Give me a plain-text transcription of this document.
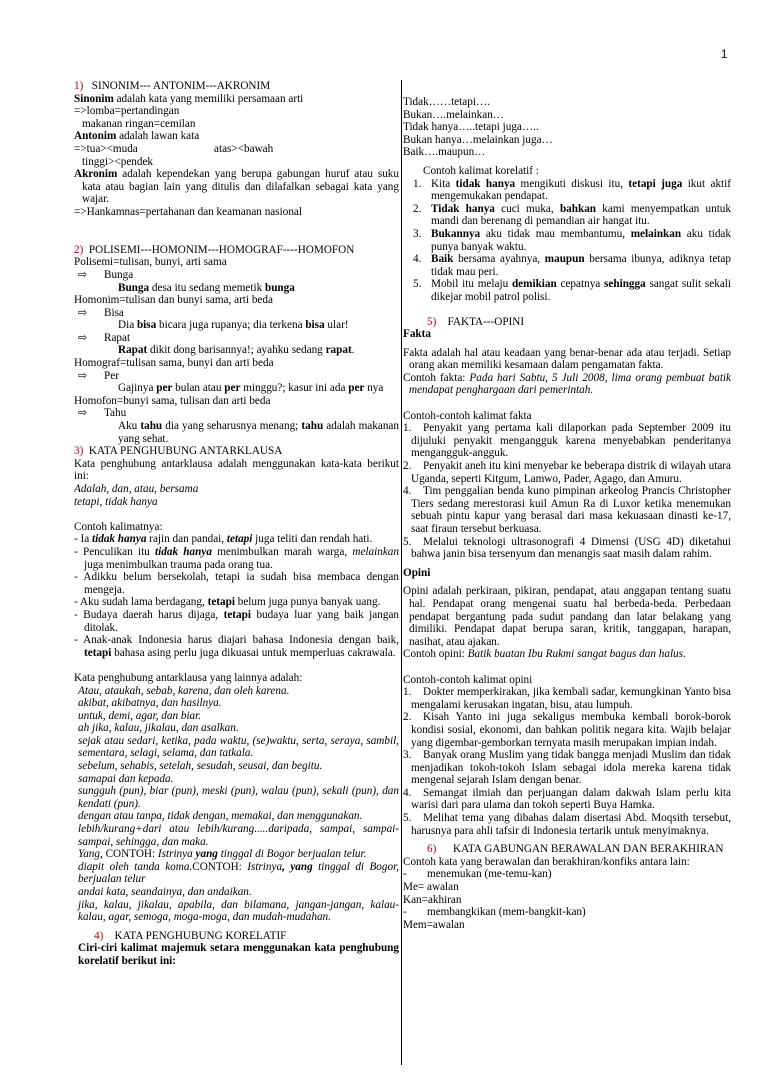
1
1) SINONIM--- ANTONIM---AKRONIM
Sinonim adalah kata yang memiliki persamaan arti
=>lomba=pertandingan
makanan ringan=cemilan
Antonim adalah lawan kata
=>tua><muda	atas><bawah
tinggi><pendek
Akronim adalah kependekan yang berupa gabungan huruf atau suku kata atau bagian lain yang ditulis dan dilafalkan sebagai kata yang wajar.
=>Hankamnas=pertahanan dan keamanan nasional
2) POLISEMI---HOMONIM---HOMOGRAF----HOMOFON
Polisemi=tulisan, bunyi, arti sama
⇨ Bunga
Bunga desa itu sedang memetik bunga
Homonim=tulisan dan bunyi sama, arti beda
⇨ Bisa
Dia bisa bicara juga rupanya; dia terkena bisa ular!
⇨ Rapat
Rapat dikit dong barisannya!; ayahku sedang rapat.
Homograf=tulisan sama, bunyi dan arti beda
⇨ Per
Gajinya per bulan atau per minggu?; kasur ini ada per nya
Homofon=bunyi sama, tulisan dan arti beda
⇨ Tahu
Aku tahu dia yang seharusnya menang; tahu adalah makanan yang sehat.
3) KATA PENGHUBUNG ANTARKLAUSA
Kata penghubung antarklausa adalah menggunakan kata-kata berikut ini:
Adalah, dan, atau, bersama
tetapi, tidak hanya
Contoh kalimatnya:
- Ia tidak hanya rajin dan pandai, tetapi juga teliti dan rendah hati.
- Penculikan itu tidak hanya menimbulkan marah warga, melainkan juga menimbulkan trauma pada orang tua.
- Adikku belum bersekolah, tetapi ia sudah bisa membaca dengan mengeja.
- Aku sudah lama berdagang, tetapi belum juga punya banyak uang.
- Budaya daerah harus dijaga, tetapi budaya luar yang baik jangan ditolak.
- Anak-anak Indonesia harus diajari bahasa Indonesia dengan baik, tetapi bahasa asing perlu juga dikuasai untuk memperluas cakrawala.
Kata penghubung antarklausa yang lainnya adalah:
Atau, ataukah, sebab, karena, dan oleh karena.
akibat, akibatnya, dan hasilnya.
untuk, demi, agar, dan biar.
ah jika, kalau, jikalau, dan asalkan.
sejak atau sedari, ketika, pada waktu, (se)waktu, serta, seraya, sambil, sementara, selagi, selama, dan tatkala.
sebelum, sehabis, setelah, sesudah, seusai, dan begitu.
samapai dan kepada.
sungguh (pun), biar (pun), meski (pun), walau (pun), sekali (pun), dan kendati (pun).
dengan atau tanpa, tidak dengan, memakai, dan menggunakan.
lebih/kurang+dari atau lebih/kurang.....daripada, sampai, sampai-sampai, sehingga, dan maka.
Yang, CONTOH: Istrinya yang tinggal di Bogor berjualan telur.
diapit oleh tanda koma.CONTOH: Istrinya, yang tinggal di Bogor, berjualan telur
andai kata, seandainya, dan andaikan.
jika, kalau, jikalau, apabila, dan bilamana, jangan-jangan, kalau-kalau, agar, semoga, moga-moga, dan mudah-mudahan.
4) KATA PENGHUBUNG KORELATIF
Ciri-ciri kalimat majemuk setara menggunakan kata penghubung korelatif berikut ini:
Tidak……tetapi….
Bukan….melainkan…
Tidak hanya…..tetapi juga…..
Bukan hanya…melainkan juga…
Baik….maupun…
Contoh kalimat korelatif :
1. Kita tidak hanya mengikuti diskusi itu, tetapi juga ikut aktif mengemukakan pendapat.
2. Tidak hanya cuci muka, bahkan kami menyempatkan untuk mandi dan berenang di pemandian air hangat itu.
3. Bukannya aku tidak mau membantumu, melainkan aku tidak punya banyak waktu.
4. Baik bersama ayahnya, maupun bersama ibunya, adiknya tetap tidak mau peri.
5. Mobil itu melaju demikian cepatnya sehingga sangat sulit sekali dikejar mobil patrol polisi.
5) FAKTA---OPINI
Fakta
Fakta adalah hal atau keadaan yang benar-benar ada atau terjadi. Setiap orang akan memiliki kesamaan dalam pengamatan fakta.
Contoh fakta: Pada hari Sabtu, 5 Juli 2008, lima orang pembuat batik mendapat penghargaan dari pemerintah.
Contoh-contoh kalimat fakta
1. Penyakit yang pertama kali dilaporkan pada September 2009 itu dijuluki penyakit mengangguk karena menyebabkan penderitanya mengangguk-angguk.
2. Penyakit aneh itu kini menyebar ke beberapa distrik di wilayah utara Uganda, seperti Kitgum, Lamwo, Pader, Agago, dan Amuru.
4. Tim penggalian benda kuno pimpinan arkeolog Prancis Christopher Tiers sedang merestorasi kuil Amun Ra di Luxor ketika menemukan sebuah pintu kapur yang berasal dari masa kekuasaan dinasti ke-17, saat firaun tersebut berkuasa.
5. Melalui teknologi ultrasonografi 4 Dimensi (USG 4D) diketahui bahwa janin bisa tersenyum dan menangis saat masih dalam rahim.
Opini
Opini adalah perkiraan, pikiran, pendapat, atau anggapan tentang suatu hal. Pendapat orang mengenai suatu hal berbeda-beda. Perbedaan pendapat bergantung pada sudut pandang dan latar belakang yang dimiliki. Pendapat dapat berupa saran, kritik, tanggapan, harapan, nasihat, atau ajakan.
Contoh opini: Batik buatan Ibu Rukmi sangat bagus dan halus.
Contoh-contoh kalimat opini
1. Dokter memperkirakan, jika kembali sadar, kemungkinan Yanto bisa mengalami kerusakan ingatan, bisu, atau lumpuh.
2. Kisah Yanto ini juga sekaligus membuka kembali borok-borok kondisi sosial, ekonomi, dan bahkan politik negara kita. Wajib belajar yang digembar-gemborkan ternyata masih merupakan impian indah.
3. Banyak orang Muslim yang tidak bangga menjadi Muslim dan tidak menjadikan tokoh-tokoh Islam sebagai idola mereka karena tidak mengenal sejarah Islam dengan benar.
4. Semangat ilmiah dan perjuangan dalam dakwah Islam perlu kita warisi dari para ulama dan tokoh seperti Buya Hamka.
5. Melihat tema yang dibahas dalam disertasi Abd. Moqsith tersebut, harusnya para ahli tafsir di Indonesia tertarik untuk menyimaknya.
6) KATA GABUNGAN BERAWALAN DAN BERAKHIRAN
Contoh kata yang berawalan dan berakhiran/konfiks antara lain:
- menemukan (me-temu-kan)
Me= awalan
Kan=akhiran
- membangkikan (mem-bangkit-kan)
Mem=awalan
